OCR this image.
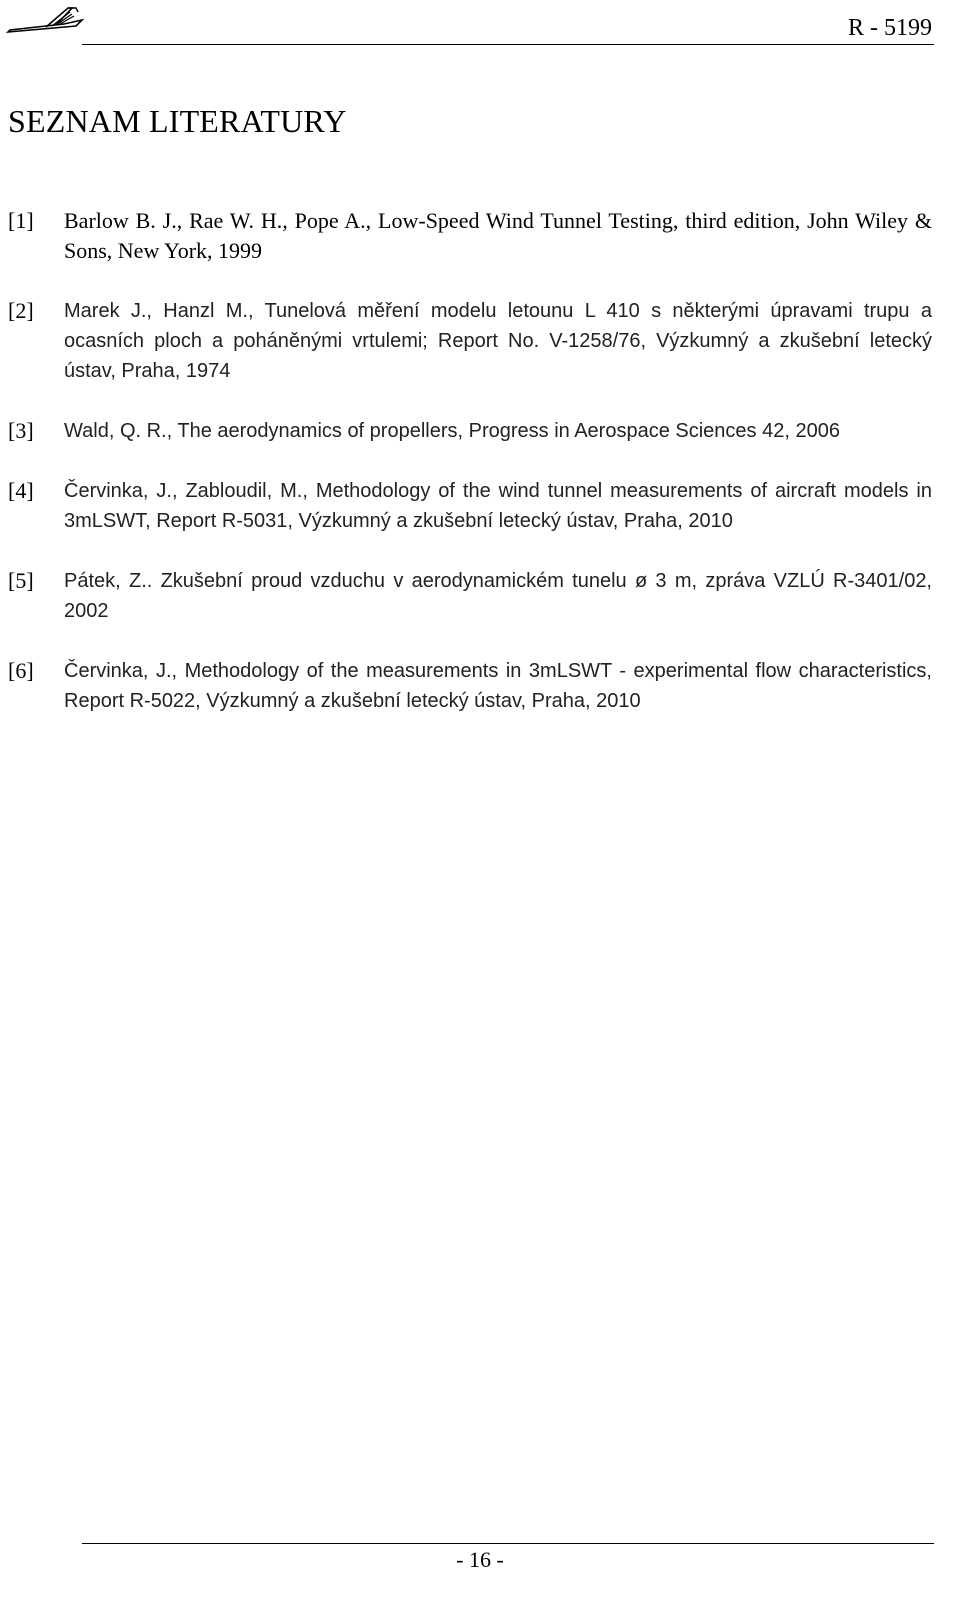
R - 5199
SEZNAM LITERATURY
[1] Barlow B. J., Rae W. H., Pope A., Low-Speed Wind Tunnel Testing, third edition, John Wiley & Sons, New York, 1999
[2] Marek J., Hanzl M., Tunelová měření modelu letounu L 410 s některými úpravami trupu a ocasních ploch a poháněnými vrtulemi; Report No. V-1258/76, Výzkumný a zkušební letecký ústav, Praha, 1974
[3] Wald, Q. R., The aerodynamics of propellers, Progress in Aerospace Sciences 42, 2006
[4] Červinka, J., Zabloudil, M., Methodology of the wind tunnel measurements of aircraft models in 3mLSWT, Report R-5031, Výzkumný a zkušební letecký ústav, Praha, 2010
[5] Pátek, Z.. Zkušební proud vzduchu v aerodynamickém tunelu ø 3 m, zpráva VZLÚ R-3401/02, 2002
[6] Červinka, J., Methodology of the measurements in 3mLSWT - experimental flow characteristics, Report R-5022, Výzkumný a zkušební letecký ústav, Praha, 2010
- 16 -
